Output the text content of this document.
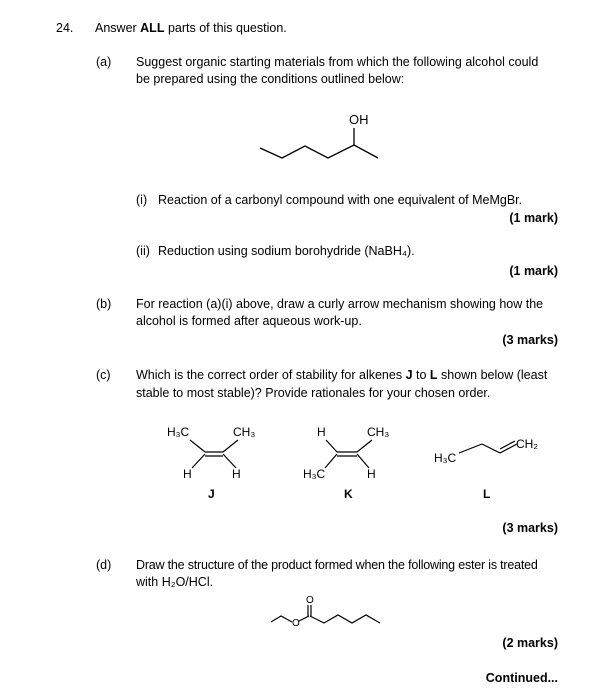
24. Answer ALL parts of this question.
(a) Suggest organic starting materials from which the following alcohol could
be prepared using the conditions outlined below:
OH
(i) Reaction of a carbonyl compound with one equivalent of MeMgBr.
(1 mark)
(ii) Reduction using sodium borohydride (NaBH₄).
(1 mark)
(b) For reaction (a)(i) above, draw a curly arrow mechanism showing how the
alcohol is formed after aqueous work-up.
(3 marks)
(c) Which is the correct order of stability for alkenes J to L shown below (least
stable to most stable)? Provide rationales for your chosen order.
H₃C	CH₃
H	H
J
H	CH₃
H₃C	H
K
H₃C
CH₂
L
(3 marks)
(d) Draw the structure of the product formed when the following ester is treated
with H₂O/HCl.
O
O
(2 marks)
Continued...
